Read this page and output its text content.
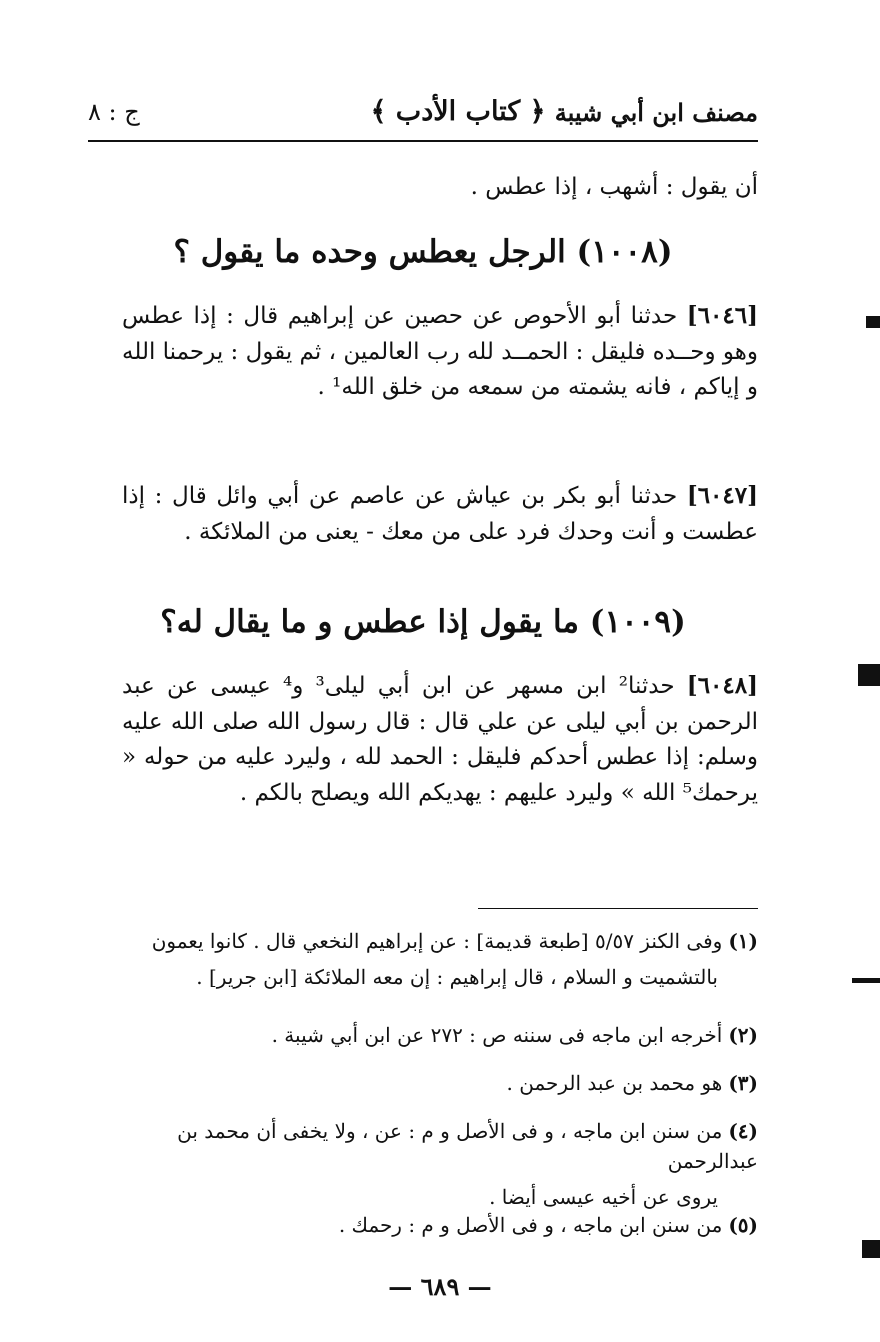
ج : ٨	﴿ كتاب الأدب ﴾ مصنف ابن أبي شيبة
أن يقول : أشهب ، إذا عطس .
(١٠٠٨) الرجل يعطس وحده ما يقول ؟
[٦٠٤٦] حدثنا أبو الأحوص عن حصين عن إبراهيم قال : إذا عطس وهو وحــده فليقل : الحمــد لله رب العالمين ، ثم يقول : يرحمنا الله و إياكم ، فانه يشمته من سمعه من خلق الله¹ .
[٦٠٤٧] حدثنا أبو بكر بن عياش عن عاصم عن أبي وائل قال : إذا عطست و أنت وحدك فرد على من معك - يعنى من الملائكة .
(١٠٠٩) ما يقول إذا عطس و ما يقال له؟
[٦٠٤٨] حدثنا² ابن مسهر عن ابن أبي ليلى³ و⁴ عيسى عن عبد الرحمن بن أبي ليلى عن علي قال : قال رسول الله صلى الله عليه وسلم: إذا عطس أحدكم فليقل : الحمد لله ، وليرد عليه من حوله « يرحمك⁵ الله » وليرد عليهم : يهديكم الله ويصلح بالكم .
(١)وفى الكنز ٥/٥٧ [طبعة قديمة] : عن إبراهيم النخعي قال . كانوا يعمون
بالتشميت و السلام ، قال إبراهيم : إن معه الملائكة [ابن جرير] .
(٢)أخرجه ابن ماجه فى سننه ص : ٢٧٢ عن ابن أبي شيبة .
(٣)هو محمد بن عبد الرحمن .
(٤)من سنن ابن ماجه ، و فى الأصل و م : عن ، ولا يخفى أن محمد بن عبدالرحمن
يروى عن أخيه عيسى أيضا .
(٥)من سنن ابن ماجه ، و فى الأصل و م : رحمك .
— ٦٨٩ —
